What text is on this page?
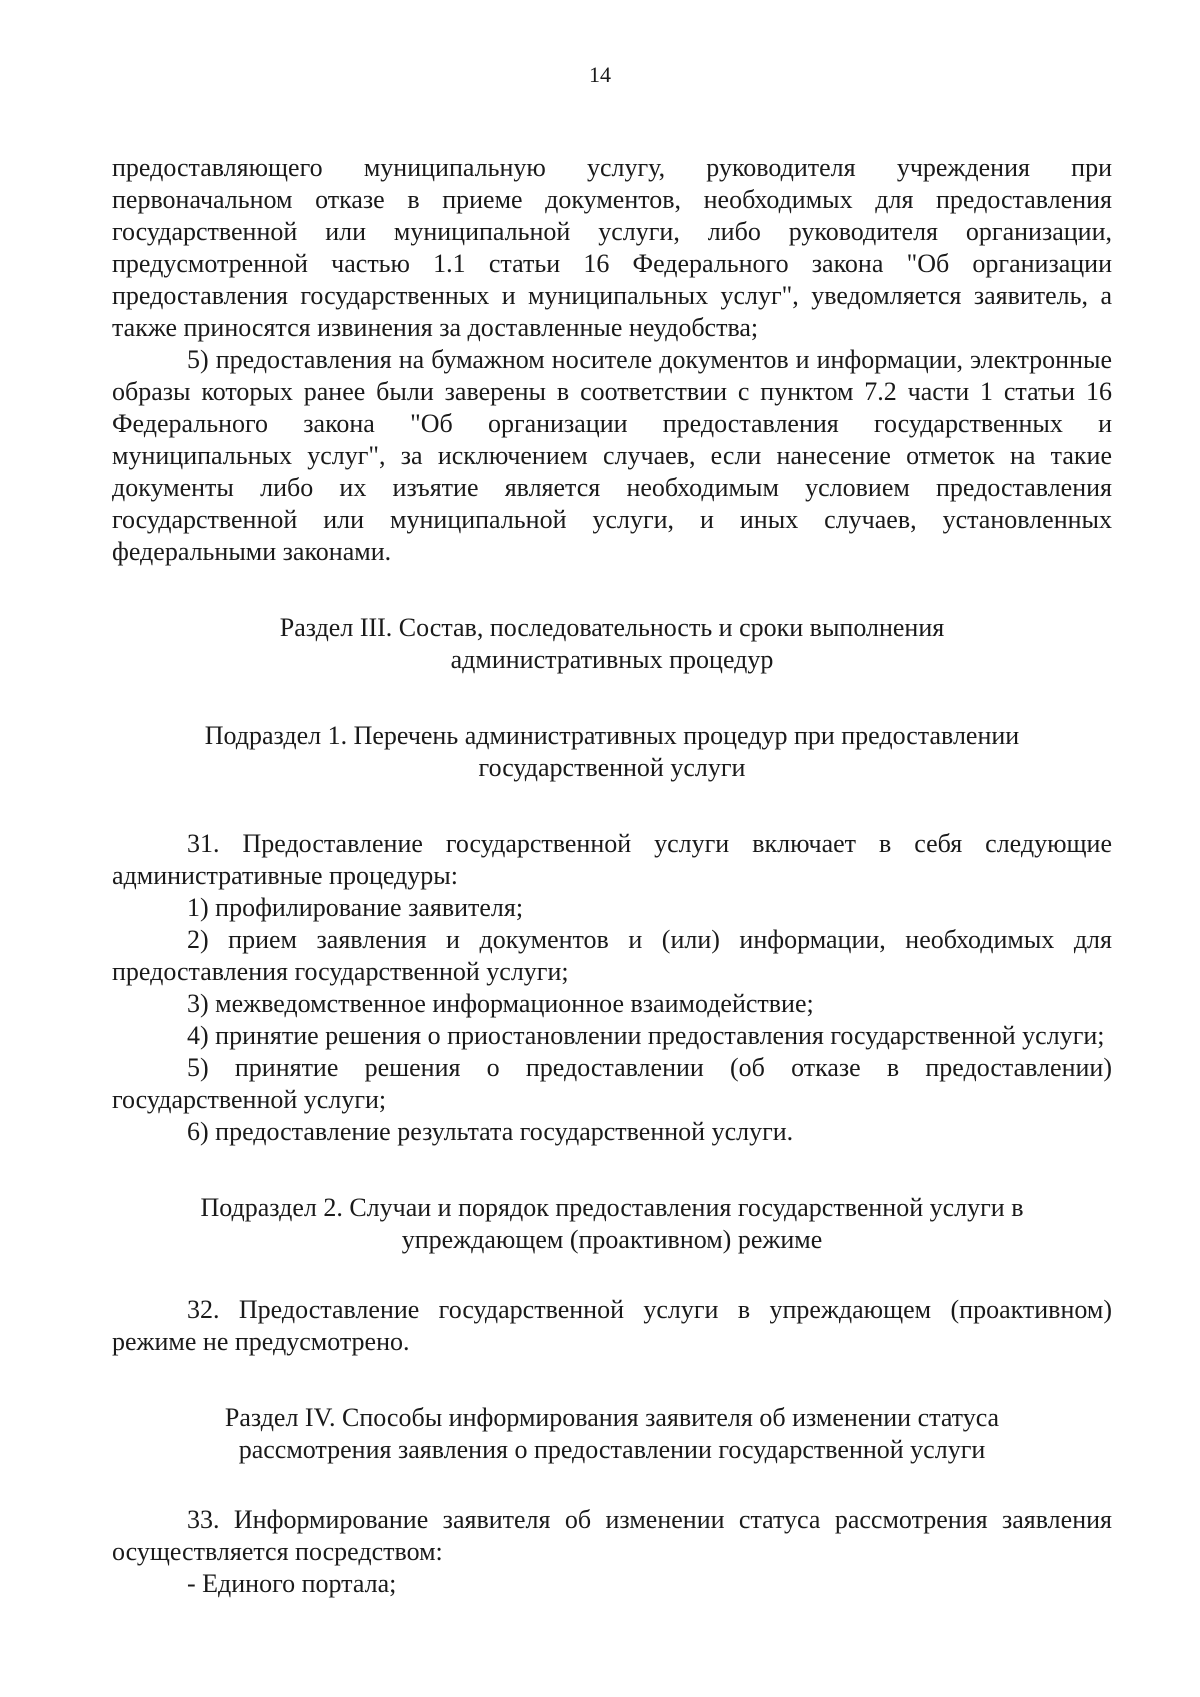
14

предоставляющего муниципальную услугу, руководителя учреждения при первоначальном отказе в приеме документов, необходимых для предоставления государственной или муниципальной услуги, либо руководителя организации, предусмотренной частью 1.1 статьи 16 Федерального закона "Об организации предоставления государственных и муниципальных услуг", уведомляется заявитель, а также приносятся извинения за доставленные неудобства;

5) предоставления на бумажном носителе документов и информации, электронные образы которых ранее были заверены в соответствии с пунктом 7.2 части 1 статьи 16 Федерального закона "Об организации предоставления государственных и муниципальных услуг", за исключением случаев, если нанесение отметок на такие документы либо их изъятие является необходимым условием предоставления государственной или муниципальной услуги, и иных случаев, установленных федеральными законами.

Раздел III. Состав, последовательность и сроки выполнения

административных процедур

Подраздел 1. Перечень административных процедур при предоставлении

государственной услуги

31. Предоставление государственной услуги включает в себя следующие административные процедуры:

1) профилирование заявителя;

2) прием заявления и документов и (или) информации, необходимых для предоставления государственной услуги;

3) межведомственное информационное взаимодействие;

4) принятие решения о приостановлении предоставления государственной услуги;

5) принятие решения о предоставлении (об отказе в предоставлении) государственной услуги;

6) предоставление результата государственной услуги.

Подраздел 2. Случаи и порядок предоставления государственной услуги в

упреждающем (проактивном) режиме

32. Предоставление государственной услуги в упреждающем (проактивном) режиме не предусмотрено.

Раздел IV. Способы информирования заявителя об изменении статуса

рассмотрения заявления о предоставлении государственной услуги

33. Информирование заявителя об изменении статуса рассмотрения заявления осуществляется посредством:

- Единого портала;
